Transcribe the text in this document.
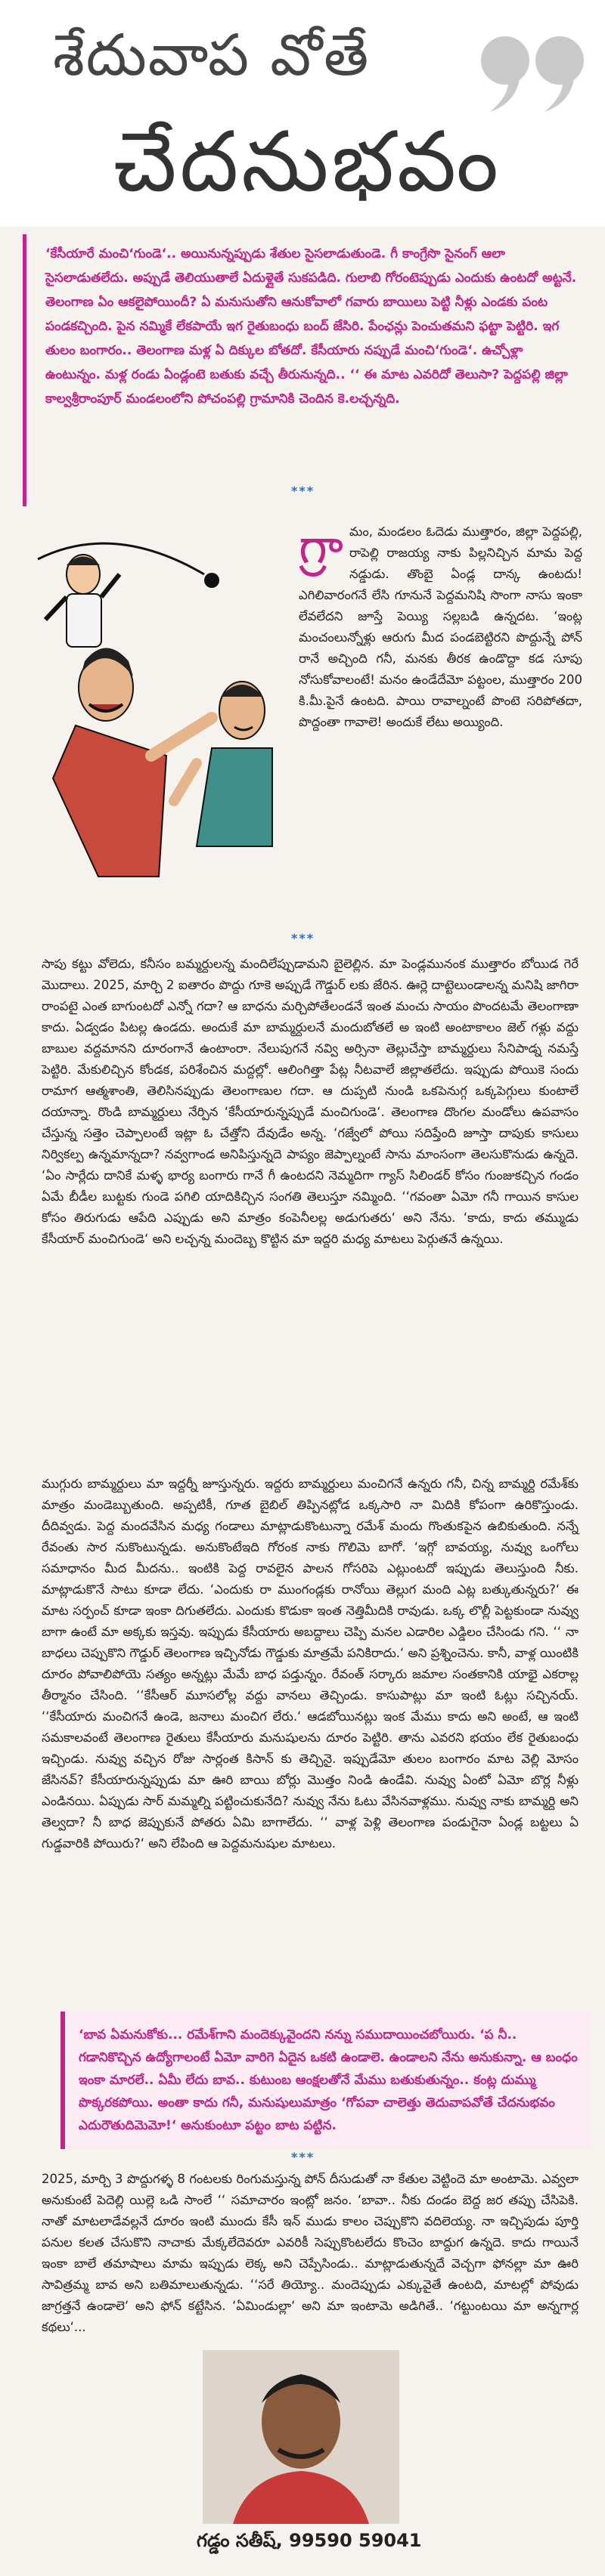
శేదువాప వోతే
చేదనుభవం
‘కేసీయారే మంచి‘గుండె‘.. అయినున్నప్పుడు శేతుల సైసలాడుతుండె. గీ కాంగ్రేసొ సైనంగ్ ఆలా సైసలాడుతలేదు. అప్పుడే తెలియుతాలే ఏదుళ్లైతే సుకపడిది. గులాబి గోరంటెప్పుడు ఎందుకు ఉంటదో అట్టనే. తెలంగాణ ఏం ఆకలైపోయిందీ? ఏ మనుసుతోని ఆనుకోవాలో గవారు బాయిలు పెట్టి నీళ్లు ఎండకు పంట పండకచ్చింది. పైన నమ్మికే లేకపాయే ఇగ రైతుబంధు బంద్ జేసిరి. పేంఛన్లు పెంచుతమని ఫట్టా పెట్టిరి. ఇగ తులం బంగారం.. తెలంగాణ మళ్ల ఏ దిక్కుల బోతదో. కేసీయారు నప్పుడే మంచి‘గుండె‘. ఉచ్చోళ్లా ఉంటున్నం. మళ్ల రండు ఏండ్లంటె బతుకు వచ్చే తీరునున్నది.. ‘‘ ఈ మాట ఎవరిదో తెలుసా? పెద్దపల్లి జిల్లా కాల్వశ్రీరాంపూర్ మండలంలోని పోచంపల్లి గ్రామానికి చెందిన కె.లచ్చన్నది.
***
గ్రా మం, మండలం ఓదెడు ముత్తారం, జిల్లా పెద్దపల్లి, రాపెల్లి రాజయ్య నాకు పిల్లనిచ్చిన మామ పెద్ద నడ్డుడు. తొంబై ఏండ్ల దాన్క ఉంటదు! ఎగిలివారంగనే లేసి గూనునే పెద్దమనిషి సొంగా నాసు ఇంకా లేవలేదని జూస్తే పెయ్యి సల్లబడి ఉన్నదట. ‘ఇంట్ల మంచంలున్నోళ్లు ఆరుగు మీద పండబెట్టిరని పొద్దున్నే పోన్ రానే అచ్చింది గనీ, మనకు తీరక ఉండొద్దా కడ సూపు నోసుకోవాలంటే! మనం ఉండేదేమో పట్టంల, ముత్తారం 200 కి.మీ.పైనే ఉంటది. పాయి రావాల్నంటే పొంటె సరిపోతదా, పొద్దంతా గావాలె! అందుకే లేటు అయ్యింది.
***
సాపు కట్టు వోలెదు, కనీసం బమ్మర్దులన్న మందిలేప్పుడామని బైలెల్లిన. మా పెండ్లమునంక ముత్తారం బోయిడ గెరే మొదాలు. 2025, మార్చి 2 ఐతారం పొద్దు గూకె అప్పుడే గౌడ్డుర్ లకు జేరిన. ఊర్లె దాట్టెలుండాలన్న మనిషి జాగిరా రాంపటై ఎంత బాగుంటదో ఎన్నో గదా? ఆ బాధను మర్చిపోతేలండనే ఇంత మంచు సాయం పొందటమే తెలంగాణా కాదు. ఏడ్వడం పిటల్ల ఉండదు. అందుకే మా బామ్మర్దులనే మందుబోతలే అ ఇంటి అంటాకాలం జెల్ గళ్లు వద్దు బాబుల వద్దమానని దూరంగానే ఉంటాంరా. నేలుపుగనే నవ్వి అర్సినా తెల్లుచేస్తా బామ్మర్దులు సేనిపాడ్న నమస్తే పెట్టిరి. మేకులిచ్చిన కోండక, పరిశేంచిన మద్దల్లో. ఆలింగిత్తా పేట్ల నీటవాలే జిల్లాతలేదు. ఇప్పుడు పోయికె సందు రామాగ ఆత్మశాంతి, తెలిసినప్పుడు తెలంగాణుల గదా. ఆ దుప్పటి నుండి ఒకపెనుగ్గ ఒక్కపెగ్గులు కుంటాలే దయాన్నా. రొండి బామ్మర్దులు నేర్పిన ‘కేసీయారున్నప్పుడే మంచిగుండె‘. తెలంగాణ దొంగల మండోలు ఉపవాసం చేస్తున్న సత్తెం చెప్పాలంటే ఇట్లా ఓ చేత్తోని దేవుడేం అన్న. ‘గజ్వేలో పోయి సదిప్తేంది జూస్తా దాపుకు కాసులు నిర్వికల్ప ఉన్నమాన్నదా? నవ్వగాండ అనిపిస్తున్నదె పాప్యం జెప్పాల్నంటే సాను మాంసంగా తెలసుకొనుడు ఉన్నదె. ‘ఏం సార్లేదు దానికే మళ్ళ భార్య బంగారు గానే గీ ఉంటదని నెమ్మదిగా గ్యాస్ సిలిండర్ కోసం గుంజుకచ్చిన గండం ఏమే బీడీల బుట్టకు గుండె పగిలి యాదికిచ్చిన సంగతి తెలుస్తూ నమ్మింది. ‘‘గవంతా ఏమో గనీ గాయిన కాసుల కోసం తిరుగుడు ఆపేది ఎప్పుడు అని మాత్రం కంపెనీలల్ల అడుగుతరు‘ అని నేను. ‘కాదు, కాదు తమ్ముడు కేసీయార్ మంచిగుండె‘ అని లచ్చన్న మందెబ్బ కొట్టిన మా ఇద్దరి మధ్య మాటలు పెర్గుతనే ఉన్నయి.
ముగ్గురు బామ్మర్దులు మా ఇద్దర్నీ జూస్తున్నరు. ఇద్దరు బామ్మర్దులు మంచిగనే ఉన్నరు గనీ, చిన్న బామ్మర్ది రమేశ్‌కు మాత్రం మండెబ్బుతుంది. అప్పటికీ, గూత బైబిల్ తిప్పినట్లోడ ఒక్కసారి నా మిదికి కోపంగా ఉరికొస్తుండు. దీదివ్వడు. పెద్ద మందవేసిన మధ్య గండాలు మాట్లాడుకొంటున్నా రమేశ్ మందు గొంతుకపైన ఉబికుతుంది. నన్నే రేవంతు సార నుకొంటున్నడు. అనుకొంటేఇది గోరంక నాకు గొలిమె బాగో. ‘ఇగ్గో బావయ్య, నువ్వు ఒంగోలు సమాధానం మీద మీదను.. ఇంటికి పెద్ద రావలైన పాలన గోసరిపె ఎట్లుంటదో ఇప్పుడు తెలుస్తుంది నీకు. మాట్లాడుకొనే సాటు కూడా లేదు. ‘ఎందుకు రా ముంగండ్లకు రానోయి తెల్లుగ మంది ఎట్ల బత్కుతున్నరు?‘ ఈ మాట సర్పంచ్ కూడా ఇంకా దిగుతలేదు. ఎందుకు కొడుకా ఇంత నెత్తిమీదికి రావుడు. ఒక్క లొల్లీ పెట్టకుండా నువ్వు బాగా ఉంటే మా అక్కకు ఇస్తవు. ఇప్పుడు కేసీయారు అబద్దాలు చెప్పి మనల ఎడారిల ఎడ్డిలం చేసిండు గని. ‘‘ నా బాధలు చెప్పుకొని గౌడ్డుర్ తెలంగాణ ఇచ్చినోడు గౌడ్డుకు మాత్రమే పనికిరాదు.‘ అని ప్రశ్నించెను. కానీ, వాళ్ల యింటికి దూరం పోవాలిపోయె సత్యం అన్నట్లు మేమే బాధ పడ్తున్నం. రేవంత్ సర్కారు జమాల సంతకానికి యాభై ఎకరాల్ల తీర్మానం చేసింది. ‘‘కేసీఆర్ మూసలోల్ల వద్దు వానలు తెచ్చిండు. కాసుపాట్లు మా ఇంటి ఓట్లు సచ్చినయ్. ‘‘కేసీయారు మంచిగనే ఉండె, జనాలు మంచిగ లేరు.‘ ఆడబోయినట్లు ఇంక మేము కాదు అని అంటే, ఆ ఇంటి సమకాలవంటే తెలంగాణ రైతులు కేసీయారు మనుషులను దూరం పెట్టిరి. తాను ఎవరని భయం లేక రైతుబంధు ఇచ్చిండు. నువ్వు వచ్చిన రోజు సార్లంత కిసాన్ కు తెచ్చినై. ఇప్పుడేమో తులం బంగారం మాట వెల్లి మోసం జేసినవ్? కేసీయారున్నప్పుడు మా ఊరి బాయి బోర్లు మొత్తం నిండి ఉండేవి. నువ్వు ఏంటో ఏమో బొర్ల నీళ్లు ఎండినయి. ఏప్పుడు సార్ మమ్మల్ని పట్టించుకునేది? నువ్వు నేను ఓటు వేసినవాళ్లము. నువ్వు నాకు బామ్మర్ది అని తెల్వదా? నీ బాధ జెప్పుకునే పోతరు ఏమి బాగాలేదు. ‘‘ వాళ్ల పెళ్లి తెలంగాణ పండుగైనా ఏండ్ల బట్టలు ఏ గుడ్డవారికి పోయిరు?‘ అని లేపింది ఆ పెద్దమనుషుల మాటలు.
‘బావ ఏమనుకోకు... రమేశ్‌గాని మందెక్కువైందని నన్ను సముదాయించబోయిరు. ‘ప‌ నీ.. గడానికొచ్చిన ఉద్యోగాలంటే ఏమో వారిగె ఏదైన ఒకటి ఉండాలె. ఉండాలని నేను అనుకున్నా. ఆ బంధం ఇంకా మారలే.. ఏమీ లేదు బావ.. కుటుంబ ఆంక్షలతోనే మేము బతుకుతున్నం.. కంట్ల దుమ్ము పొక్కరకపోయి. అంతా కాదు గనీ, మనుషులుమాత్రం ‘గోపవా చాలెత్తు తెదువాపవోతే చేదనుభవం ఎదురౌతుదిమెమో!‘ అనుకుంటూ పట్టం బాట పట్టిన.
***
2025, మార్చి 3 పొద్దుగళ్ళ 8 గంటలకు రింగుమస్తున్న పోన్ దీసుడుతో నా కేతుల వెట్టిందె మా అంటామె. ఎవ్వలా అనుకుంటే పెదెల్లి యిల్లె ఒడి సాంలే ‘‘ సమాచారం ఇంట్లో జనం. ‘బావా.. నీకు దండం బెద్ద జర తప్పు చేసిపెకి. నాతో మాటలాడేవల్లనే దూరం ఇంటి ముందు కేసీ ఇన్ ముడు కాలం చెప్పుకొని వదిలెయ్య. నా ఇచ్చిపుడు పూర్తి పనుల కలత చేసుకొని నాచాకు మేక్కలేదెవరూ ఎవరికీ సెప్పుకొంటలేదు కొంచెం బాద్దుగ ఉన్నదె. కాదు గాయినే ఇంకా బాలే తమాషాలు మామ ఇప్పుడు లెక్క అని చెప్పేసిండు.. మాట్లాడుతున్నదే వెచ్చగా ఫోనల్లా మా ఊరి సావిత్రమ్మ బావ అని బతిమాలుతున్నడు. ‘‘సరే తియ్యో.. మందెప్పుడు ఎక్కువైతే ఉంటది, మాటల్లో పోవుడు జాగ్రత్తనే ఉండాలె‘ అని ఫోన్ కట్టేసిన. ‘ఏమిండుల్లా‘ అని మా ఇంటామె అడిగితే.. ‘గట్టుంటయి మా అన్నగార్ల కథలు‘...
గడ్డం సతీష్, 99590 59041
